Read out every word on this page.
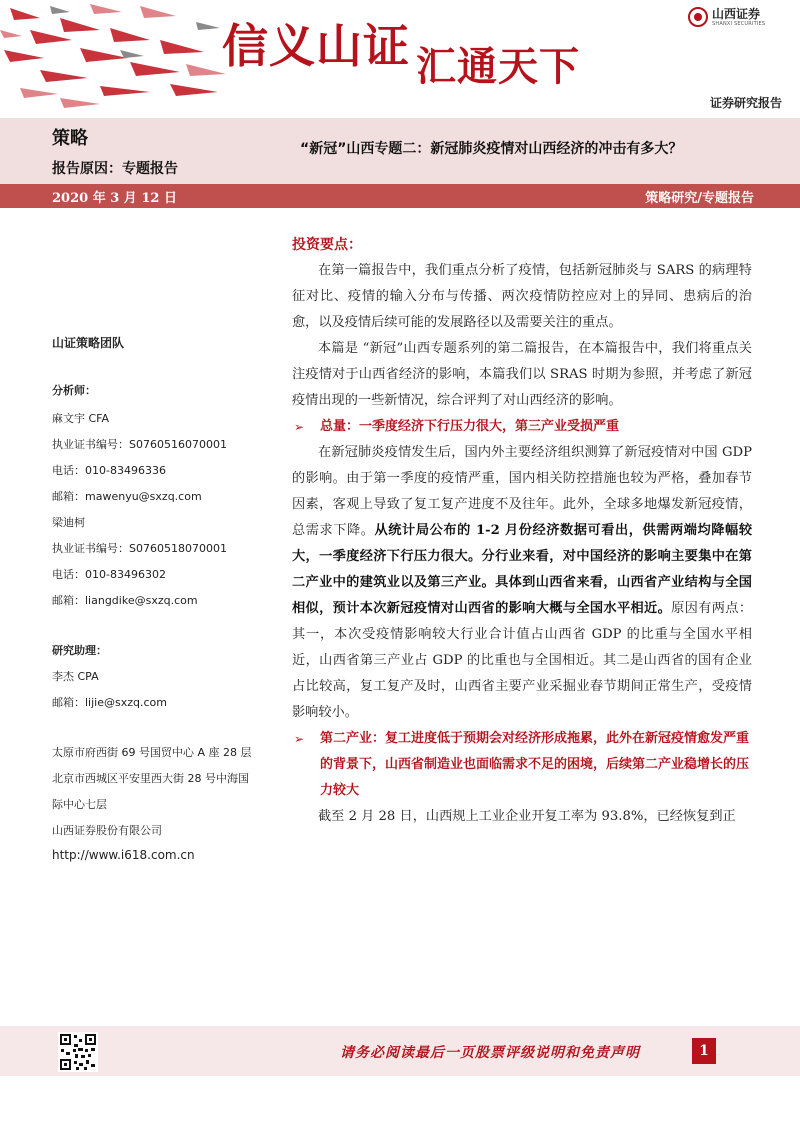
信义山证 汇通天下
山西证券
SHANXI SECURITIES
证券研究报告
策略	“新冠”山西专题二：新冠肺炎疫情对山西经济的冲击有多大？
报告原因：专题报告
2020 年 3 月 12 日	策略研究/专题报告
山证策略团队
分析师：
麻文宇 CFA
执业证书编号：S0760516070001
电话：010-83496336
邮箱：mawenyu@sxzq.com
梁迪柯
执业证书编号：S0760518070001
电话：010-83496302
邮箱：liangdike@sxzq.com
研究助理：
李杰 CPA
邮箱：lijie@sxzq.com
太原市府西街 69 号国贸中心 A 座 28 层
北京市西城区平安里西大街 28 号中海国
际中心七层
山西证券股份有限公司
http://www.i618.com.cn
投资要点：

在第一篇报告中，我们重点分析了疫情，包括新冠肺炎与 SARS 的病理特征对比、疫情的输入分布与传播、两次疫情防控应对上的异同、患病后的治愈，以及疫情后续可能的发展路径以及需要关注的重点。

本篇是 “新冠”山西专题系列的第二篇报告，在本篇报告中，我们将重点关注疫情对于山西省经济的影响，本篇我们以 SRAS 时期为参照，并考虑了新冠疫情出现的一些新情况，综合评判了对山西经济的影响。

➢ 总量：一季度经济下行压力很大，第三产业受损严重

在新冠肺炎疫情发生后，国内外主要经济组织测算了新冠疫情对中国 GDP 的影响。由于第一季度的疫情严重，国内相关防控措施也较为严格，叠加春节因素，客观上导致了复工复产进度不及往年。此外，全球多地爆发新冠疫情，总需求下降。从统计局公布的 1-2 月份经济数据可看出，供需两端均降幅较大，一季度经济下行压力很大。分行业来看，对中国经济的影响主要集中在第二产业中的建筑业以及第三产业。具体到山西省来看，山西省产业结构与全国相似，预计本次新冠疫情对山西省的影响大概与全国水平相近。原因有两点：其一，本次受疫情影响较大行业合计值占山西省 GDP 的比重与全国水平相近，山西省第三产业占 GDP 的比重也与全国相近。其二是山西省的国有企业占比较高，复工复产及时，山西省主要产业采掘业春节期间正常生产，受疫情影响较小。

➢ 第二产业：复工进度低于预期会对经济形成拖累，此外在新冠疫情愈发严重的背景下，山西省制造业也面临需求不足的困境，后续第二产业稳增长的压力较大

截至 2 月 28 日，山西规上工业企业开复工率为 93.8%，已经恢复到正

请务必阅读最后一页股票评级说明和免责声明	1
